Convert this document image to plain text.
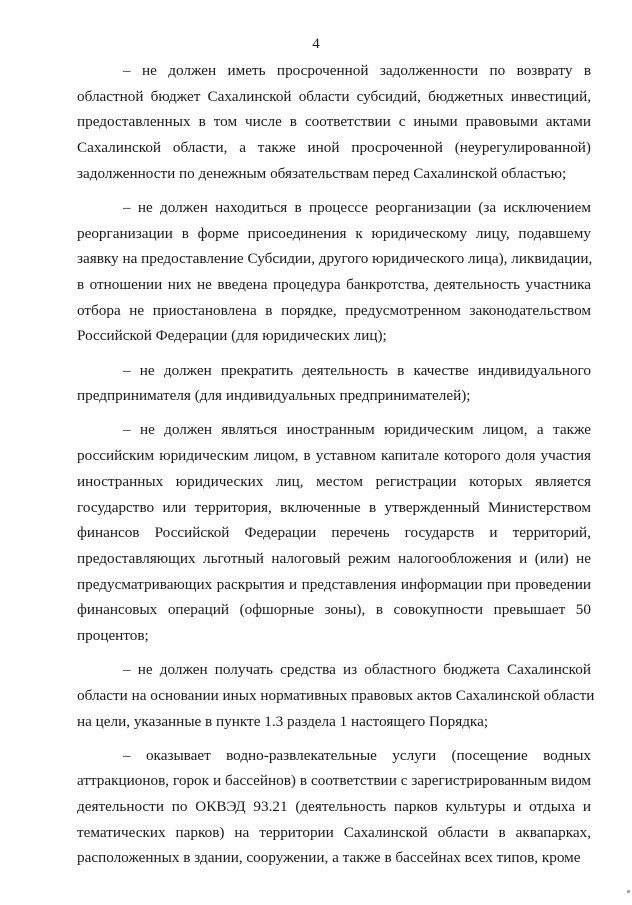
4
– не должен иметь просроченной задолженности по возврату в
областной бюджет Сахалинской области субсидий, бюджетных инвестиций,
предоставленных в том числе в соответствии с иными правовыми актами
Сахалинской области, а также иной просроченной (неурегулированной)
задолженности по денежным обязательствам перед Сахалинской областью;
– не должен находиться в процессе реорганизации (за исключением
реорганизации в форме присоединения к юридическому лицу, подавшему
заявку на предоставление Субсидии, другого юридического лица), ликвидации,
в отношении них не введена процедура банкротства, деятельность участника
отбора не приостановлена в порядке, предусмотренном законодательством
Российской Федерации (для юридических лиц);
– не должен прекратить деятельность в качестве индивидуального
предпринимателя (для индивидуальных предпринимателей);
– не должен являться иностранным юридическим лицом, а также
российским юридическим лицом, в уставном капитале которого доля участия
иностранных юридических лиц, местом регистрации которых является
государство или территория, включенные в утвержденный Министерством
финансов Российской Федерации перечень государств и территорий,
предоставляющих льготный налоговый режим налогообложения и (или) не
предусматривающих раскрытия и представления информации при проведении
финансовых операций (офшорные зоны), в совокупности превышает 50
процентов;
– не должен получать средства из областного бюджета Сахалинской
области на основании иных нормативных правовых актов Сахалинской области
на цели, указанные в пункте 1.3 раздела 1 настоящего Порядка;
– оказывает водно-развлекательные услуги (посещение водных
аттракционов, горок и бассейнов) в соответствии с зарегистрированным видом
деятельности по ОКВЭД 93.21 (деятельность парков культуры и отдыха и
тематических парков) на территории Сахалинской области в аквапарках,
расположенных в здании, сооружении, а также в бассейнах всех типов, кроме
